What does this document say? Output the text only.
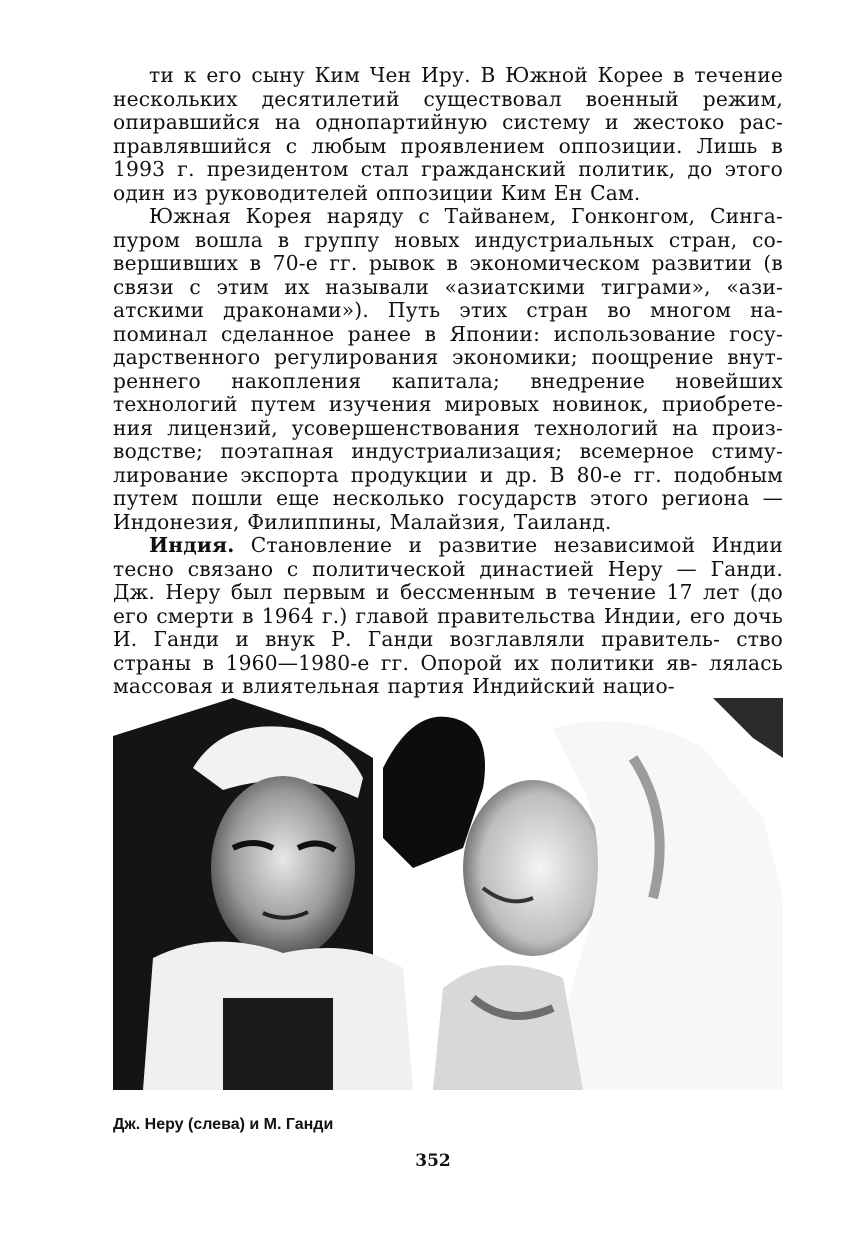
ти к его сыну Ким Чен Иру. В Южной Корее в течение нескольких десятилетий существовал военный режим, опиравшийся на однопартийную систему и жестоко рас- правлявшийся с любым проявлением оппозиции. Лишь в 1993 г. президентом стал гражданский политик, до этого один из руководителей оппозиции Ким Ен Сам.

Южная Корея наряду с Тайванем, Гонконгом, Синга- пуром вошла в группу новых индустриальных стран, со- вершивших в 70-е гг. рывок в экономическом развитии (в связи с этим их называли «азиатскими тиграми», «ази- атскими драконами»). Путь этих стран во многом на- поминал сделанное ранее в Японии: использование госу- дарственного регулирования экономики; поощрение внут- реннего накопления капитала; внедрение новейших технологий путем изучения мировых новинок, приобрете- ния лицензий, усовершенствования технологий на произ- водстве; поэтапная индустриализация; всемерное стиму- лирование экспорта продукции и др. В 80-е гг. подобным путем пошли еще несколько государств этого региона — Индонезия, Филиппины, Малайзия, Таиланд.

Индия. Становление и развитие независимой Индии тесно связано с политической династией Неру — Ганди. Дж. Неру был первым и бессменным в течение 17 лет (до его смерти в 1964 г.) главой правительства Индии, его дочь И. Ганди и внук Р. Ганди возглавляли правитель- ство страны в 1960—1980-е гг. Опорой их политики яв- лялась массовая и влиятельная партия Индийский нацио-

Дж. Неру (слева) и М. Ганди
352
